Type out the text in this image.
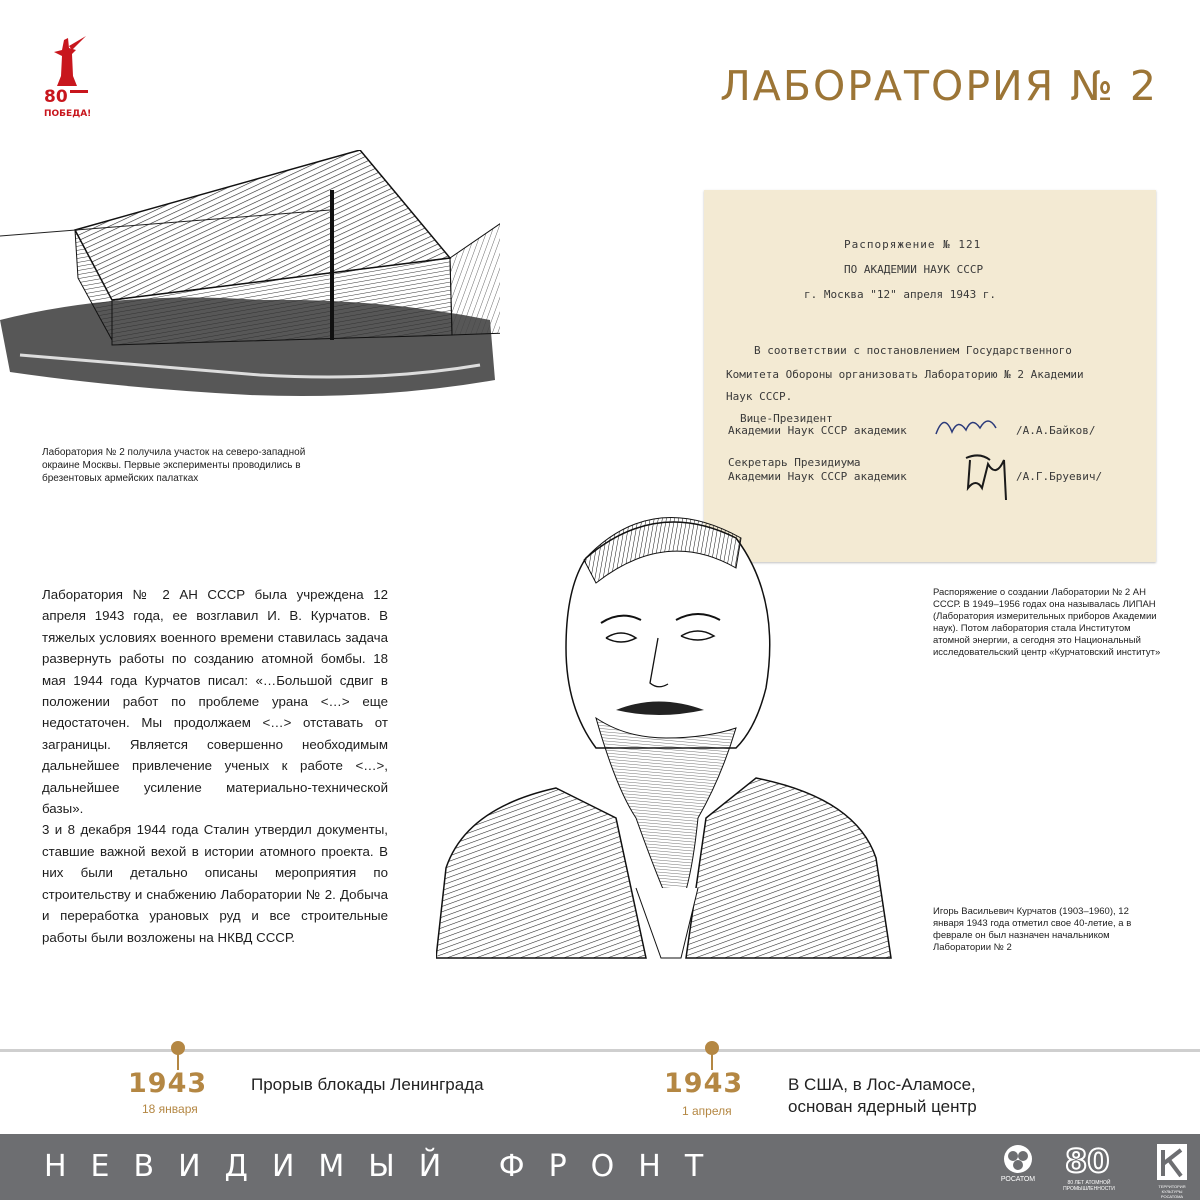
80
ПОБЕДА!
ЛАБОРАТОРИЯ № 2
Лаборатория № 2 получила участок на северо-западной окраине Москвы. Первые эксперименты проводились в брезентовых армейских палатках
Распоряжение № 121
ПО АКАДЕМИИ НАУК СССР
г. Москва "12" апреля 1943 г.
В соответствии с постановлением Государственного
Комитета Обороны организовать Лабораторию № 2 Академии
Наук СССР.
Вице-Президент
Академии Наук СССР академик	/А.А.Байков/
Секретарь Президиума
Академии Наук СССР академик	/А.Г.Бруевич/
Распоряжение о создании Лаборатории № 2 АН СССР. В 1949–1956 годах она называлась ЛИПАН (Лаборатория измерительных приборов Академии наук). Потом лаборатория стала Институтом атомной энергии, а сегодня это Национальный исследовательский центр «Курчатовский институт»
Игорь Васильевич Курчатов (1903–1960), 12 января 1943 года отметил свое 40-летие, а в феврале он был назначен начальником Лаборатории № 2

Лаборатория № 2 АН СССР была учреждена 12 апреля 1943 года, ее возглавил И. В. Курчатов. В тяжелых условиях военного времени ставилась задача развернуть работы по созданию атомной бомбы. 18 мая 1944 года Курчатов писал: «…Большой сдвиг в положении работ по проблеме урана <…> еще недостаточен. Мы продолжаем <…> отставать от заграницы. Является совершенно необходимым дальнейшее привлечение ученых к работе <…>, дальнейшее усиление материально-технической базы».

3 и 8 декабря 1944 года Сталин утвердил документы, ставшие важной вехой в истории атомного проекта. В них были детально описаны мероприятия по строительству и снабжению Лаборатории № 2. Добыча и переработка урановых руд и все строительные работы были возложены на НКВД СССР.

1943
18 января
Прорыв блокады Ленинграда	1943
1 апреля
В США, в Лос-Аламосе, основан ядерный центр
НЕВИДИМЫЙ ФРОНТ	РОСАТОМ 80
80 ЛЕТ АТОМНОЙ ПРОМЫШЛЕННОСТИ	ТЕРРИТОРИЯ КУЛЬТУРЫ РОСАТОМА
